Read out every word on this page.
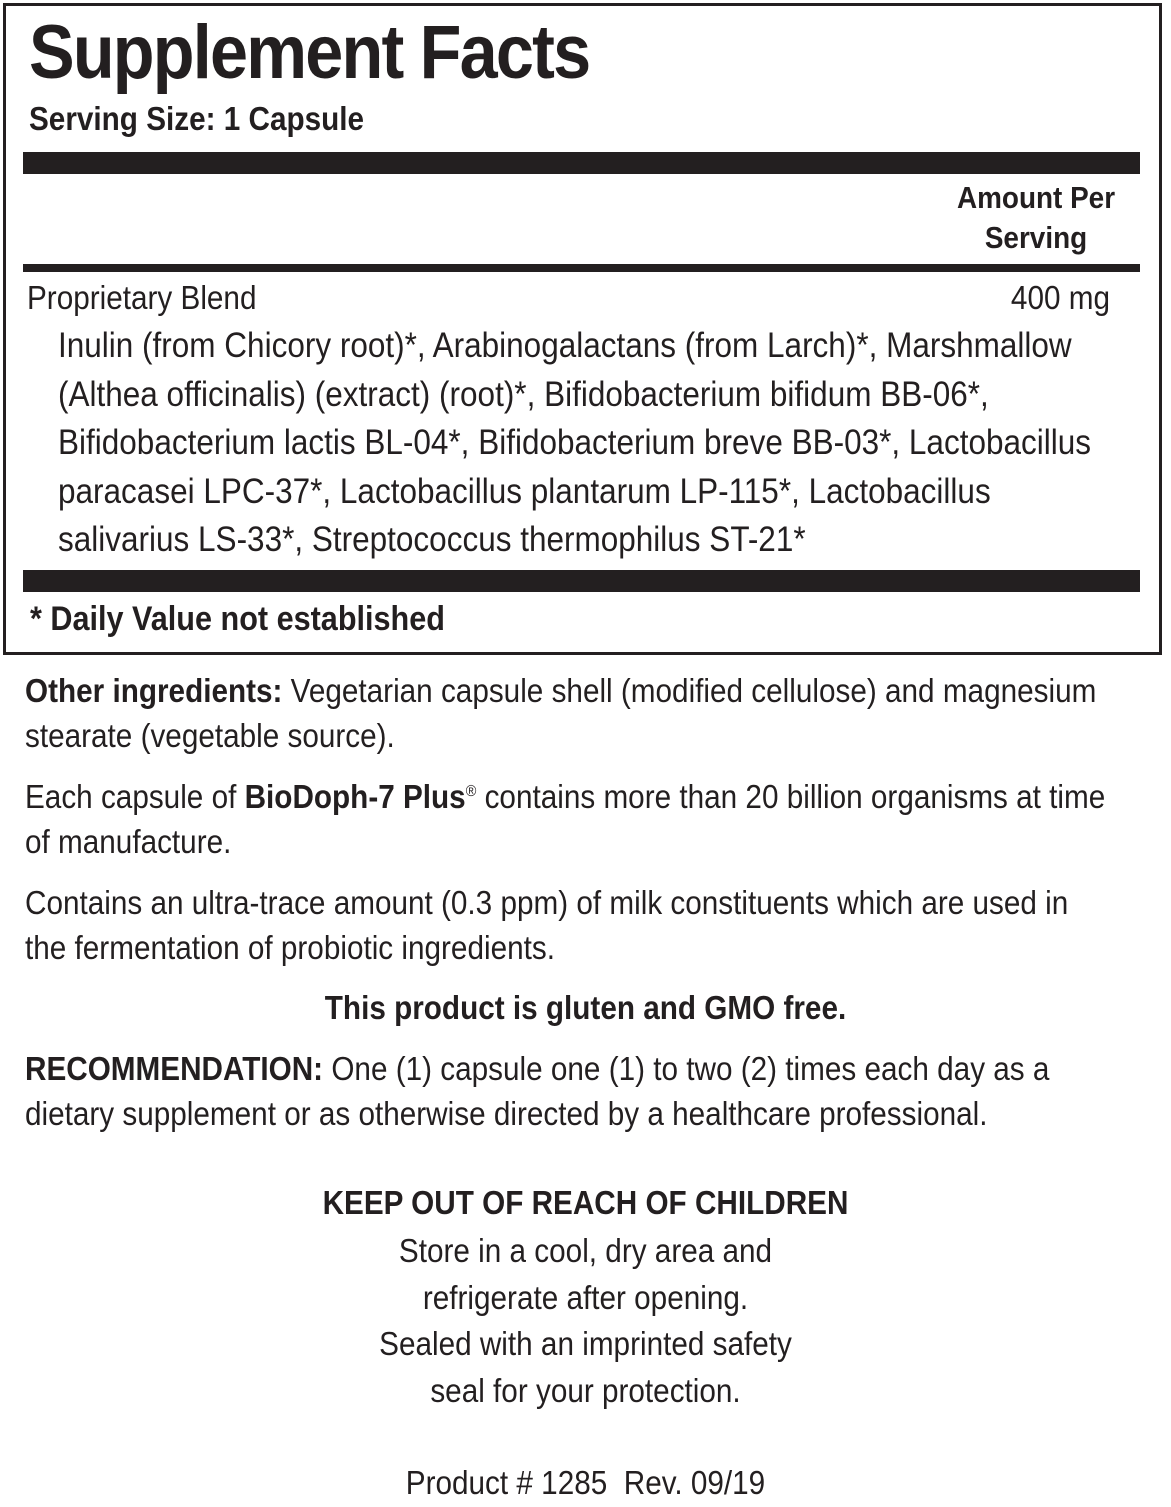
Supplement Facts
Serving Size: 1 Capsule
Amount Per
Serving
Proprietary Blend	400 mg
Inulin (from Chicory root)*, Arabinogalactans (from Larch)*, Marshmallow
(Althea officinalis) (extract) (root)*, Bifidobacterium bifidum BB-06*,
Bifidobacterium lactis BL-04*, Bifidobacterium breve BB-03*, Lactobacillus
paracasei LPC-37*, Lactobacillus plantarum LP-115*, Lactobacillus
salivarius LS-33*, Streptococcus thermophilus ST-21*
* Daily Value not established
Other ingredients: Vegetarian capsule shell (modified cellulose) and magnesium
stearate (vegetable source).
Each capsule of BioDoph-7 Plus® contains more than 20 billion organisms at time
of manufacture.
Contains an ultra-trace amount (0.3 ppm) of milk constituents which are used in
the fermentation of probiotic ingredients.
This product is gluten and GMO free.
RECOMMENDATION: One (1) capsule one (1) to two (2) times each day as a
dietary supplement or as otherwise directed by a healthcare professional.
KEEP OUT OF REACH OF CHILDREN
Store in a cool, dry area and
refrigerate after opening.
Sealed with an imprinted safety
seal for your protection.
Product # 1285  Rev. 09/19
